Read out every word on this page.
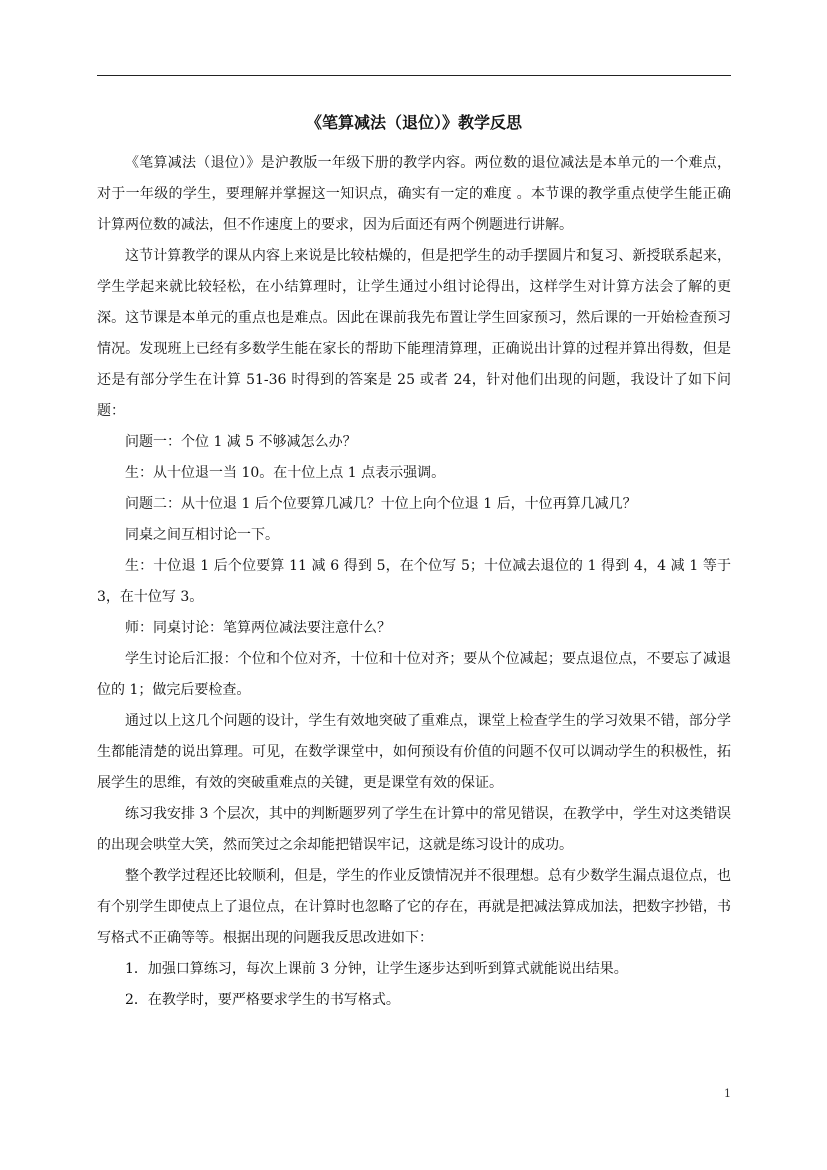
《笔算减法（退位）》教学反思

《笔算减法（退位）》是沪教版一年级下册的教学内容。两位数的退位减法是本单元的一个难点，对于一年级的学生，要理解并掌握这一知识点，确实有一定的难度 。本节课的教学重点使学生能正确计算两位数的减法，但不作速度上的要求，因为后面还有两个例题进行讲解。

这节计算教学的课从内容上来说是比较枯燥的，但是把学生的动手摆圆片和复习、新授联系起来，学生学起来就比较轻松，在小结算理时，让学生通过小组讨论得出，这样学生对计算方法会了解的更深。这节课是本单元的重点也是难点。因此在课前我先布置让学生回家预习，然后课的一开始检查预习情况。发现班上已经有多数学生能在家长的帮助下能理清算理，正确说出计算的过程并算出得数，但是还是有部分学生在计算 51-36 时得到的答案是 25 或者 24，针对他们出现的问题，我设计了如下问题：

问题一：个位 1 减 5 不够减怎么办？

生：从十位退一当 10。在十位上点 1 点表示强调。

问题二：从十位退 1 后个位要算几减几？十位上向个位退 1 后，十位再算几减几？

同桌之间互相讨论一下。

生：十位退 1 后个位要算 11 减 6 得到 5，在个位写 5；十位减去退位的 1 得到 4，4 减 1 等于 3，在十位写 3。

师：同桌讨论：笔算两位减法要注意什么？

学生讨论后汇报：个位和个位对齐，十位和十位对齐；要从个位减起；要点退位点，不要忘了减退位的 1；做完后要检查。

通过以上这几个问题的设计，学生有效地突破了重难点，课堂上检查学生的学习效果不错，部分学生都能清楚的说出算理。可见，在数学课堂中，如何预设有价值的问题不仅可以调动学生的积极性，拓展学生的思维，有效的突破重难点的关键，更是课堂有效的保证。

练习我安排 3 个层次，其中的判断题罗列了学生在计算中的常见错误，在教学中，学生对这类错误的出现会哄堂大笑，然而笑过之余却能把错误牢记，这就是练习设计的成功。

整个教学过程还比较顺利，但是，学生的作业反馈情况并不很理想。总有少数学生漏点退位点，也有个别学生即使点上了退位点，在计算时也忽略了它的存在，再就是把减法算成加法，把数字抄错，书写格式不正确等等。根据出现的问题我反思改进如下：

1．加强口算练习，每次上课前 3 分钟，让学生逐步达到听到算式就能说出结果。

2．在教学时，要严格要求学生的书写格式。

1
